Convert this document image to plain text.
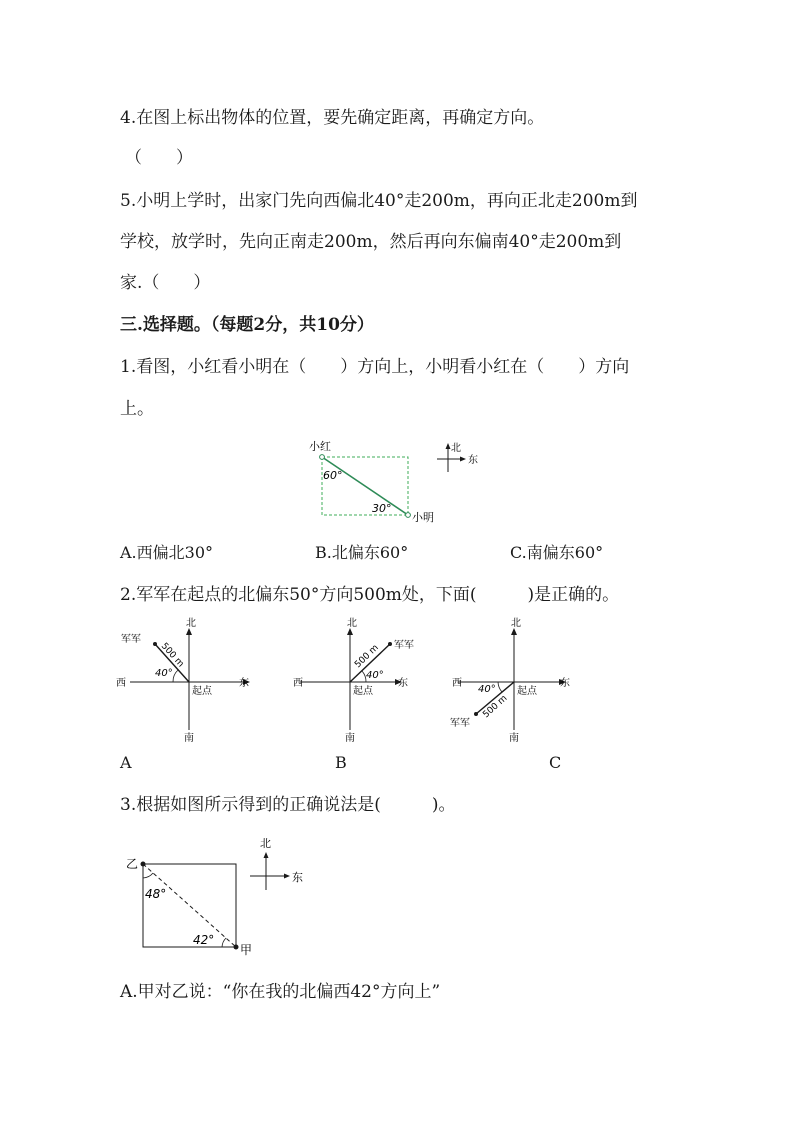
4.在图上标出物体的位置，要先确定距离，再确定方向。
（　　）
5.小明上学时，出家门先向西偏北40°走200m，再向正北走200m到
学校，放学时，先向正南走200m，然后再向东偏南40°走200m到
家.（　　）
三.选择题。（每题2分，共10分）
1.看图，小红看小明在（　　）方向上，小明看小红在（　　）方向
上。
小红
小明
60°
30°
北
东
A.西偏北30°	B.北偏东60°	C.南偏东60°
2.军军在起点的北偏东50°方向500m处，下面(　　　)是正确的。
北
南
东
西
起点
军军
40°
500 m
A
北
南
东
西
起点
军军
40°
500 m
B
北
南
东
西
起点
军军
40°
500 m
C
3.根据如图所示得到的正确说法是(　　　)。
乙
甲
48°
42°
北
东
A.甲对乙说：“你在我的北偏西42°方向上”
